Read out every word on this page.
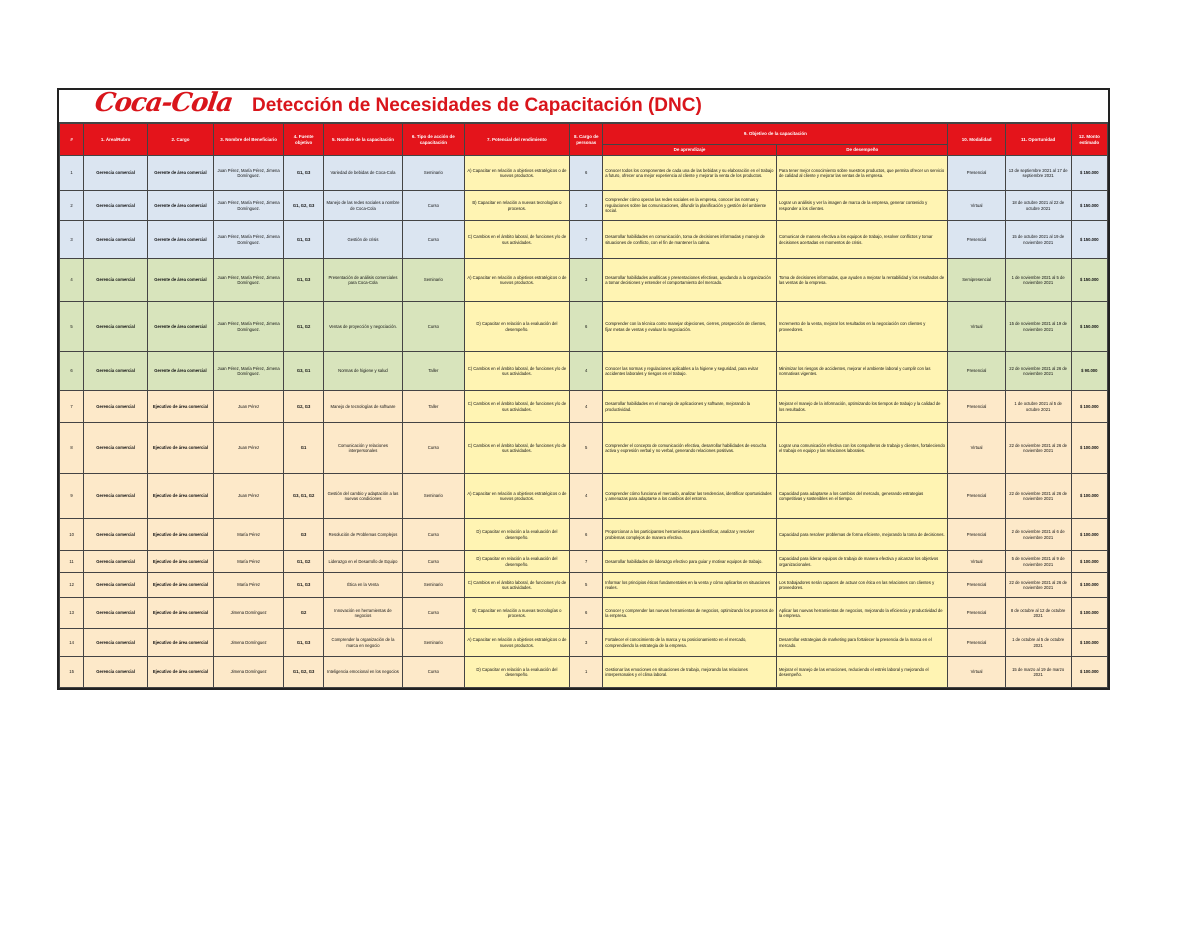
Coca-Cola Detección de Necesidades de Capacitación (DNC)
#	1. Área/Rubro	2. Cargo	3. Nombre del Beneficiario	4. Fuente objetivo	5. Nombre de la capacitación	6. Tipo de acción de capacitación	7. Potencial del rendimiento	8. Cargo de personas	9. Objetivo de la capacitación		10. Modalidad	11. Oportunidad	12. Monto estimado
									De aprendizaje	De desempeño			
1	Gerencia comercial	Gerente de área comercial	Juan Pérez, María Pérez, Jimena Domínguez.	G1, G3	Variedad de bebidas de Coca-Cola	Seminario	A) Capacitar en relación a objetivos estratégicos o de nuevos productos.	6	Conocer todos los componentes de cada una de las bebidas y su elaboración en el trabajo a futuro, ofrecer una mejor experiencia al cliente y mejorar la venta de los productos.	Para tener mejor conocimiento sobre nuestros productos, que permita ofrecer un servicio de calidad al cliente y mejorar las ventas de la empresa.	Presencial	13 de septiembre 2021 al 17 de septiembre 2021	$ 150.000
2	Gerencia comercial	Gerente de área comercial	Juan Pérez, María Pérez, Jimena Domínguez.	G1, G2, G3	Manejo de las redes sociales a nombre de Coca-Cola	Curso	B) Capacitar en relación a nuevas tecnologías o procesos.	3	Comprender cómo operan las redes sociales en la empresa, conocer las normas y regulaciones sobre las comunicaciones, difundir la planificación y gestión del ambiente social.	Lograr un análisis y ver la imagen de marca de la empresa, generar contenido y responder a los clientes.	Virtual	18 de octubre 2021 al 22 de octubre 2021	$ 150.000
3	Gerencia comercial	Gerente de área comercial	Juan Pérez, María Pérez, Jimena Domínguez.	G1, G3	Gestión de crisis	Curso	C) Cambios en el ámbito laboral, de funciones y/o de sus actividades.	7	Desarrollar habilidades en comunicación, toma de decisiones informadas y manejo de situaciones de conflicto, con el fin de mantener la calma.	Comunicar de manera efectiva a los equipos de trabajo, resolver conflictos y tomar decisiones acertadas en momentos de crisis.	Presencial	15 de octubre 2021 al 19 de noviembre 2021	$ 150.000
4	Gerencia comercial	Gerente de área comercial	Juan Pérez, María Pérez, Jimena Domínguez.	G1, G3	Presentación de análisis comerciales para Coca-Cola	Seminario	A) Capacitar en relación a objetivos estratégicos o de nuevos productos.	3	Desarrollar habilidades analíticas y presentaciones efectivas, ayudando a la organización a tomar decisiones y entender el comportamiento del mercado.	Toma de decisiones informadas, que ayuden a mejorar la rentabilidad y los resultados de las ventas de la empresa.	Semipresencial	1 de noviembre 2021 al 5 de noviembre 2021	$ 150.000
5	Gerencia comercial	Gerente de área comercial	Juan Pérez, María Pérez, Jimena Domínguez.	G1, G2	Ventas de proyección y negociación.	Curso	D) Capacitar en relación a la evaluación del desempeño.	6	Comprender con la técnica como manejar objeciones, cierres, prospección de clientes, fijar metas de ventas y evaluar la negociación.	Incremento de la venta, mejorar los resultados en la negociación con clientes y proveedores.	Virtual	15 de noviembre 2021 al 19 de noviembre 2021	$ 150.000
6	Gerencia comercial	Gerente de área comercial	Juan Pérez, María Pérez, Jimena Domínguez.	G3, G1	Normas de higiene y salud	Taller	C) Cambios en el ámbito laboral, de funciones y/o de sus actividades.	4	Conocer las normas y regulaciones aplicables a la higiene y seguridad, para evitar accidentes laborales y riesgos en el trabajo.	Minimizar los riesgos de accidentes, mejorar el ambiente laboral y cumplir con las normativas vigentes.	Presencial	22 de noviembre 2021 al 26 de noviembre 2021	$ 90.000
7	Gerencia comercial	Ejecutivo de área comercial	Juan Pérez	G2, G3	Manejo de tecnologías de software	Taller	C) Cambios en el ámbito laboral, de funciones y/o de sus actividades.	4	Desarrollar habilidades en el manejo de aplicaciones y software, mejorando la productividad.	Mejorar el manejo de la información, optimizando los tiempos de trabajo y la calidad de los resultados.	Presencial	1 de octubre 2021 al 5 de octubre 2021	$ 100.000
8	Gerencia comercial	Ejecutivo de área comercial	Juan Pérez	G1	Comunicación y relaciones interpersonales	Curso	C) Cambios en el ámbito laboral, de funciones y/o de sus actividades.	5	Comprender el concepto de comunicación efectiva, desarrollar habilidades de escucha activa y expresión verbal y no verbal, generando relaciones positivas.	Lograr una comunicación efectiva con los compañeros de trabajo y clientes, fortaleciendo el trabajo en equipo y las relaciones laborales.	Virtual	22 de noviembre 2021 al 26 de noviembre 2021	$ 100.000
9	Gerencia comercial	Ejecutivo de área comercial	Juan Pérez	G3, G1, G2	Gestión del cambio y adaptación a las nuevas condiciones	Seminario	A) Capacitar en relación a objetivos estratégicos o de nuevos productos.	4	Comprender cómo funciona el mercado, analizar las tendencias, identificar oportunidades y amenazas para adaptarse a los cambios del entorno.	Capacidad para adaptarse a los cambios del mercado, generando estrategias competitivas y sostenibles en el tiempo.	Presencial	22 de noviembre 2021 al 26 de noviembre 2021	$ 100.000
10	Gerencia comercial	Ejecutivo de área comercial	María Pérez	G3	Resolución de Problemas Complejos	Curso	D) Capacitar en relación a la evaluación del desempeño.	6	Proporcionar a los participantes herramientas para identificar, analizar y resolver problemas complejos de manera efectiva.	Capacidad para resolver problemas de forma eficiente, mejorando la toma de decisiones.	Presencial	2 de noviembre 2021 al 6 de noviembre 2021	$ 100.000
11	Gerencia comercial	Ejecutivo de área comercial	María Pérez	G1, G2	Liderazgo en el Desarrollo de Equipo	Curso	D) Capacitar en relación a la evaluación del desempeño.	7	Desarrollar habilidades de liderazgo efectivo para guiar y motivar equipos de trabajo.	Capacidad para liderar equipos de trabajo de manera efectiva y alcanzar los objetivos organizacionales.	Virtual	5 de noviembre 2021 al 9 de noviembre 2021	$ 100.000
12	Gerencia comercial	Ejecutivo de área comercial	María Pérez	G1, G3	Ética en la Venta	Seminario	C) Cambios en el ámbito laboral, de funciones y/o de sus actividades.	5	Informar los principios éticos fundamentales en la venta y cómo aplicarlos en situaciones reales.	Los trabajadores serán capaces de actuar con ética en las relaciones con clientes y proveedores.	Presencial	22 de noviembre 2021 al 26 de noviembre 2021	$ 100.000
13	Gerencia comercial	Ejecutivo de área comercial	Jimena Domínguez	G2	Innovación en herramientas de negocios	Curso	B) Capacitar en relación a nuevas tecnologías o procesos.	6	Conocer y comprender las nuevas herramientas de negocios, optimizando los procesos de la empresa.	Aplicar las nuevas herramientas de negocios, mejorando la eficiencia y productividad de la empresa.	Presencial	8 de octubre al 12 de octubre 2021	$ 100.000
14	Gerencia comercial	Ejecutivo de área comercial	Jimena Domínguez	G1, G3	Comprender la organización de la marca en negocio	Seminario	A) Capacitar en relación a objetivos estratégicos o de nuevos productos.	3	Fortalecer el conocimiento de la marca y su posicionamiento en el mercado, comprendiendo la estrategia de la empresa.	Desarrollar estrategias de marketing para fortalecer la presencia de la marca en el mercado.	Presencial	1 de octubre al 5 de octubre 2021	$ 100.000
15	Gerencia comercial	Ejecutivo de área comercial	Jimena Domínguez	G1, G2, G3	Inteligencia emocional en los negocios	Curso	D) Capacitar en relación a la evaluación del desempeño.	1	Gestionar las emociones en situaciones de trabajo, mejorando las relaciones interpersonales y el clima laboral.	Mejorar el manejo de las emociones, reduciendo el estrés laboral y mejorando el desempeño.	Virtual	15 de marzo al 19 de marzo 2021	$ 100.000
